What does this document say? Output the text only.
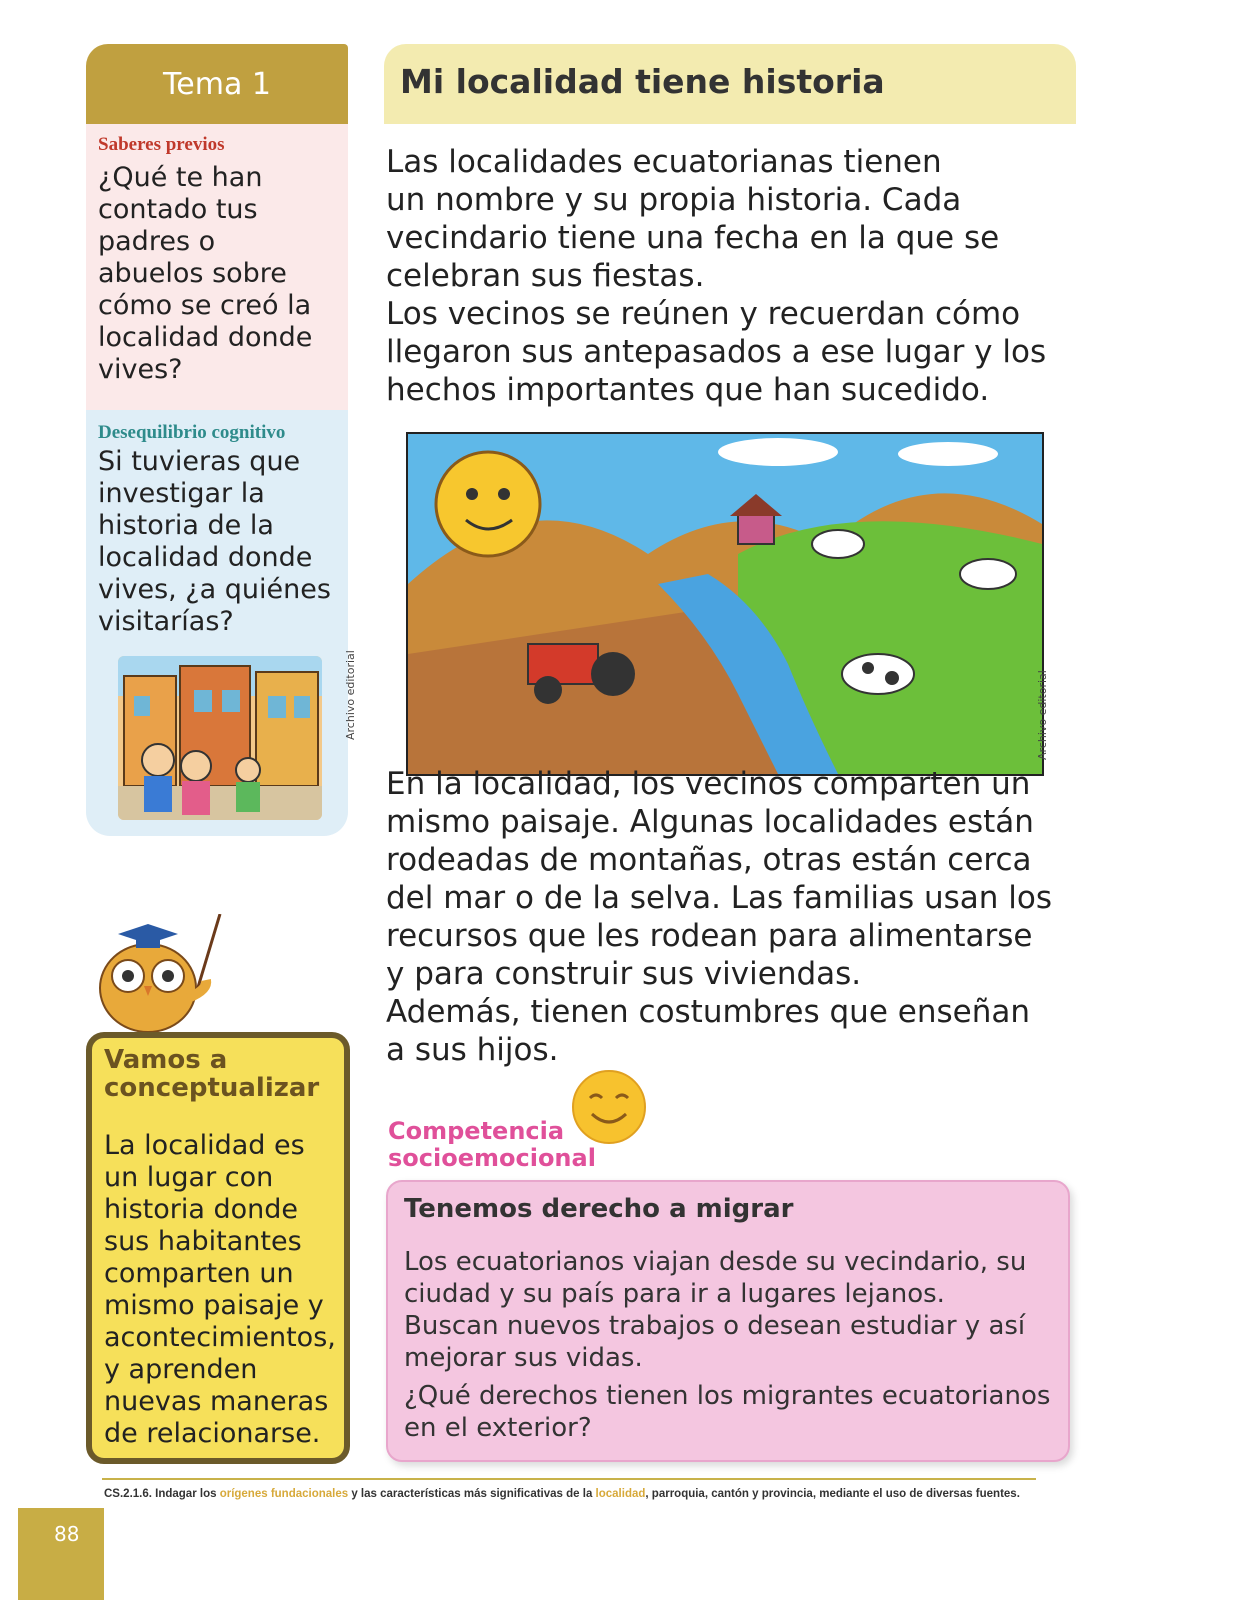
Tema 1
Saberes previos
¿Qué te han
contado tus
padres o
abuelos sobre
cómo se creó la
localidad donde
vives?
Desequilibrio cognitivo
Si tuvieras que
investigar la
historia de la
localidad donde
vives, ¿a quiénes
visitarías?
Archivo editorial
Mi localidad tiene historia
Las localidades ecuatorianas tienen
un nombre y su propia historia. Cada
vecindario tiene una fecha en la que se
celebran sus fiestas.
Los vecinos se reúnen y recuerdan cómo
llegaron sus antepasados a ese lugar y los
hechos importantes que han sucedido.
Archivo editorial
En la localidad, los vecinos comparten un
mismo paisaje. Algunas localidades están
rodeadas de montañas, otras están cerca
del mar o de la selva. Las familias usan los
recursos que les rodean para alimentarse
y para construir sus viviendas.
Además, tienen costumbres que enseñan
a sus hijos.
Vamos a
conceptualizar
La localidad es
un lugar con
historia donde
sus habitantes
comparten un
mismo paisaje y
acontecimientos,
y aprenden
nuevas maneras
de relacionarse.
Competencia
socioemocional
Tenemos derecho a migrar
Los ecuatorianos viajan desde su vecindario, su
ciudad y su país para ir a lugares lejanos.
Buscan nuevos trabajos o desean estudiar y así
mejorar sus vidas.
¿Qué derechos tienen los migrantes ecuatorianos
en el exterior?
CS.2.1.6. Indagar los orígenes fundacionales y las características más significativas de la localidad, parroquia, cantón y provincia, mediante el uso de diversas fuentes.
88
